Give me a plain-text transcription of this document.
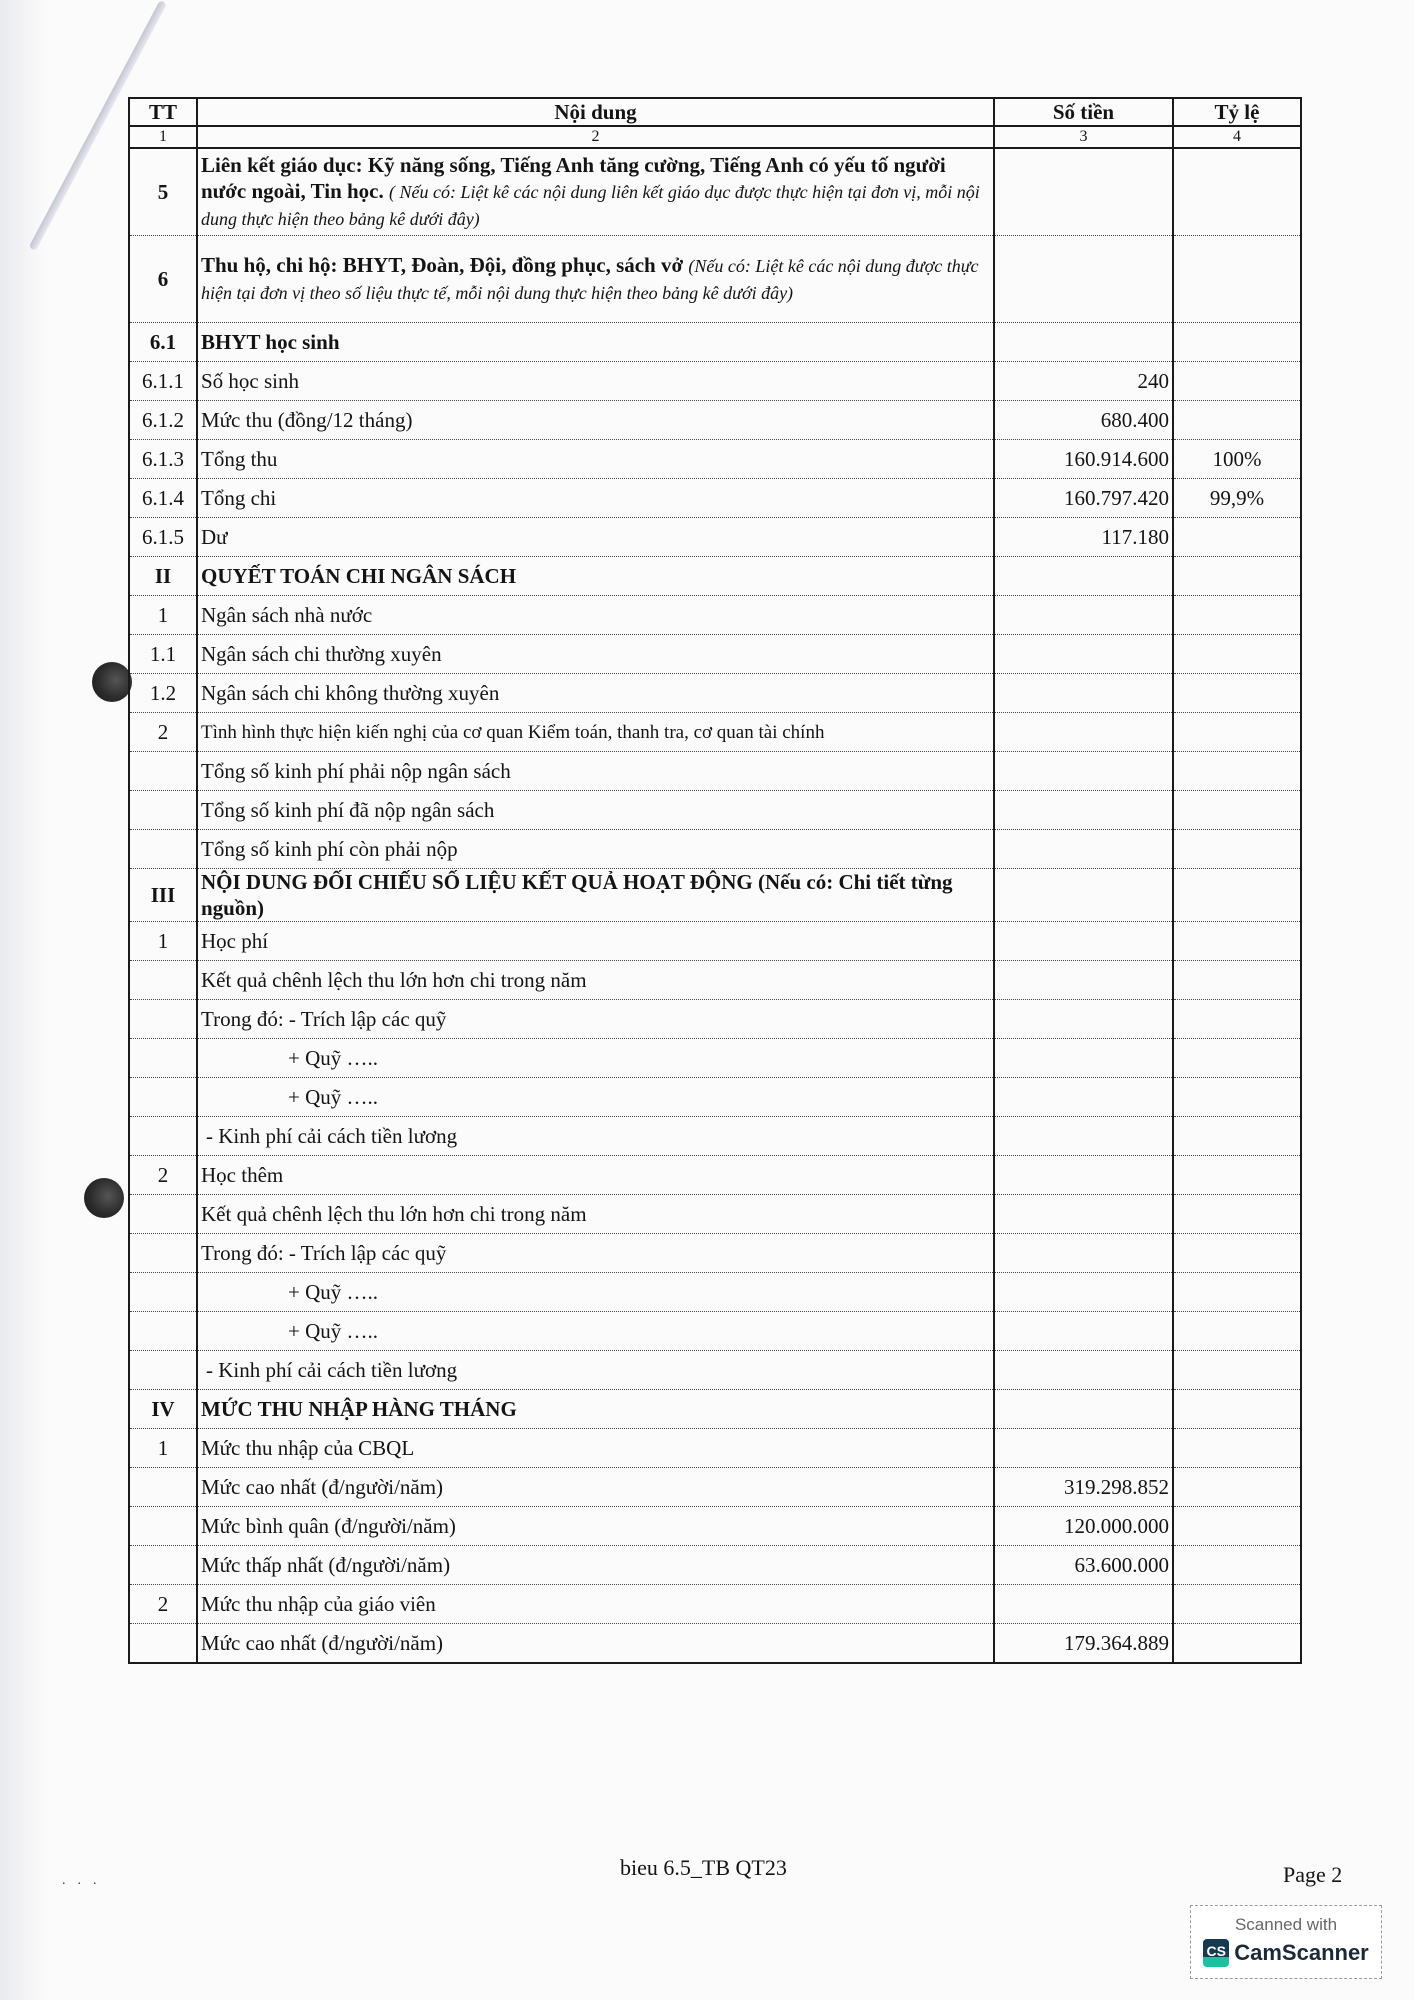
TT	Nội dung	Số tiền	Tỷ lệ
1	2	3	4
5	Liên kết giáo dục: Kỹ năng sống, Tiếng Anh tăng cường, Tiếng Anh có yếu tố người nước ngoài, Tin học. ( Nếu có: Liệt kê các nội dung liên kết giáo dục được thực hiện tại đơn vị, mỗi nội dung thực hiện theo bảng kê dưới đây)		
6	Thu hộ, chi hộ: BHYT, Đoàn, Đội, đồng phục, sách vở (Nếu có: Liệt kê các nội dung được thực hiện tại đơn vị theo số liệu thực tế, mỗi nội dung thực hiện theo bảng kê dưới đây)		
6.1	BHYT học sinh		
6.1.1	Số học sinh	240	
6.1.2	Mức thu (đồng/12 tháng)	680.400	
6.1.3	Tổng thu	160.914.600	100%
6.1.4	Tổng chi	160.797.420	99,9%
6.1.5	Dư	117.180	
II	QUYẾT TOÁN CHI NGÂN SÁCH		
1	Ngân sách nhà nước		
1.1	Ngân sách chi thường xuyên		
1.2	Ngân sách chi không thường xuyên		
2	Tình hình thực hiện kiến nghị của cơ quan Kiểm toán, thanh tra, cơ quan tài chính		
	Tổng số kinh phí phải nộp ngân sách		
	Tổng số kinh phí đã nộp ngân sách		
	Tổng số kinh phí còn phải nộp		
III	NỘI DUNG ĐỐI CHIẾU SỐ LIỆU KẾT QUẢ HOẠT ĐỘNG (Nếu có: Chi tiết từng nguồn)		
1	Học phí		
	Kết quả chênh lệch thu lớn hơn chi trong năm		
	Trong đó: - Trích lập các quỹ		
	+ Quỹ …..		
	+ Quỹ …..		
	- Kinh phí cải cách tiền lương		
2	Học thêm		
	Kết quả chênh lệch thu lớn hơn chi trong năm		
	Trong đó: - Trích lập các quỹ		
	+ Quỹ …..		
	+ Quỹ …..		
	- Kinh phí cải cách tiền lương		
IV	MỨC THU NHẬP HÀNG THÁNG		
1	Mức thu nhập của CBQL		
	Mức cao nhất (đ/người/năm)	319.298.852	
	Mức bình quân (đ/người/năm)	120.000.000	
	Mức thấp nhất (đ/người/năm)	63.600.000	
2	Mức thu nhập của giáo viên		
	Mức cao nhất (đ/người/năm)	179.364.889	
...
bieu 6.5_TB QT23	Page 2
Scanned with
CS CamScanner
